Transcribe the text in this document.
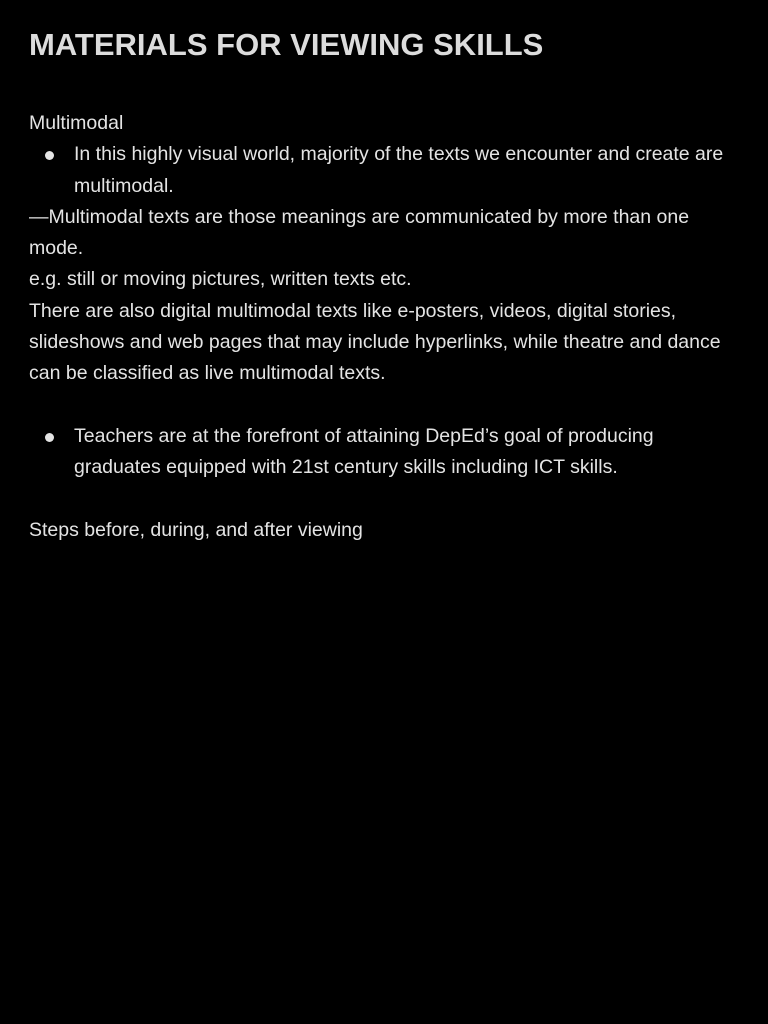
MATERIALS FOR VIEWING SKILLS
Multimodal
In this highly visual world, majority of the texts we encounter and create are multimodal.
—Multimodal texts are those meanings are communicated by more than one mode.
e.g. still or moving pictures, written texts etc.
There are also digital multimodal texts like e-posters, videos, digital stories, slideshows and web pages that may include hyperlinks, while theatre and dance can be classified as live multimodal texts.
Teachers are at the forefront of attaining DepEd’s goal of producing graduates equipped with 21st century skills including ICT skills.
Steps before, during, and after viewing
